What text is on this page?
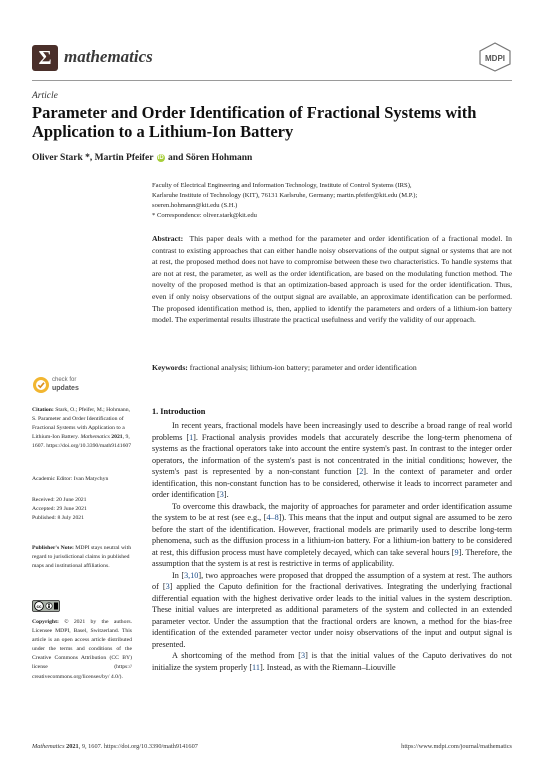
Σ mathematics	MDPI
Article
Parameter and Order Identification of Fractional Systems with Application to a Lithium-Ion Battery
Oliver Stark *, Martin Pfeifer iD and Sören Hohmann
Faculty of Electrical Engineering and Information Technology, Institute of Control Systems (IRS),
Karlsruhe Institute of Technology (KIT), 76131 Karlsruhe, Germany; martin.pfeifer@kit.edu (M.P.);
soeren.hohmann@kit.edu (S.H.)
* Correspondence: oliver.stark@kit.edu
Abstract: This paper deals with a method for the parameter and order identification of a fractional model. In contrast to existing approaches that can either handle noisy observations of the output signal or systems that are not at rest, the proposed method does not have to compromise between these two characteristics. To handle systems that are not at rest, the parameter, as well as the order identification, are based on the modulating function method. The novelty of the proposed method is that an optimization-based approach is used for the order identification. Thus, even if only noisy observations of the output signal are available, an approximate identification can be performed. The proposed identification method is, then, applied to identify the parameters and orders of a lithium-ion battery model. The experimental results illustrate the practical usefulness and verify the validity of our approach.
Keywords: fractional analysis; lithium-ion battery; parameter and order identification
check for
updates
Citation: Stark, O.; Pfeifer, M.; Hohmann, S. Parameter and Order Identification of Fractional Systems with Application to a Lithium-Ion Battery. Mathematics 2021, 9, 1607. https://doi.org/10.3390/math9141607
Academic Editor: Ivan Matychyn
Received: 20 June 2021
Accepted: 29 June 2021
Published: 8 July 2021
Publisher's Note: MDPI stays neutral with regard to jurisdictional claims in published maps and institutional affiliations.
cc
Copyright: © 2021 by the authors. Licensee MDPI, Basel, Switzerland. This article is an open access article distributed under the terms and conditions of the Creative Commons Attribution (CC BY) license (https:// creativecommons.org/licenses/by/ 4.0/).
1. Introduction

In recent years, fractional models have been increasingly used to describe a broad range of real world problems [1]. Fractional analysis provides models that accurately describe the long-term phenomena of systems as the fractional operators take into account the entire system's past. In contrast to the integer order operators, the information of the system's past is not concentrated in the initial conditions; however, the system's past is represented by a non-constant function [2]. In the context of parameter and order identification, this non-constant function has to be considered, otherwise it leads to incorrect parameter and order identification [3].

To overcome this drawback, the majority of approaches for parameter and order identification assume the system to be at rest (see e.g., [4–8]). This means that the input and output signal are assumed to be zero before the start of the identification. However, fractional models are primarily used to describe long-term phenomena, such as the diffusion process in a lithium-ion battery. For a lithium-ion battery to be considered at rest, this diffusion process must have completely decayed, which can take several hours [9]. Therefore, the assumption that the system is at rest is restrictive in terms of applicability.

In [3,10], two approaches were proposed that dropped the assumption of a system at rest. The authors of [3] applied the Caputo definition for the fractional derivatives. Integrating the underlying fractional differential equation with the highest derivative order leads to the initial values in the system description. These initial values are interpreted as additional parameters of the system and collected in an extended parameter vector. Under the assumption that the fractional orders are known, a method for the bias-free identification of the extended parameter vector under noisy observations of the input and output signal is presented.

A shortcoming of the method from [3] is that the initial values of the Caputo derivatives do not initialize the system properly [11]. Instead, as with the Riemann–Liouville

Mathematics 2021, 9, 1607. https://doi.org/10.3390/math9141607	https://www.mdpi.com/journal/mathematics
